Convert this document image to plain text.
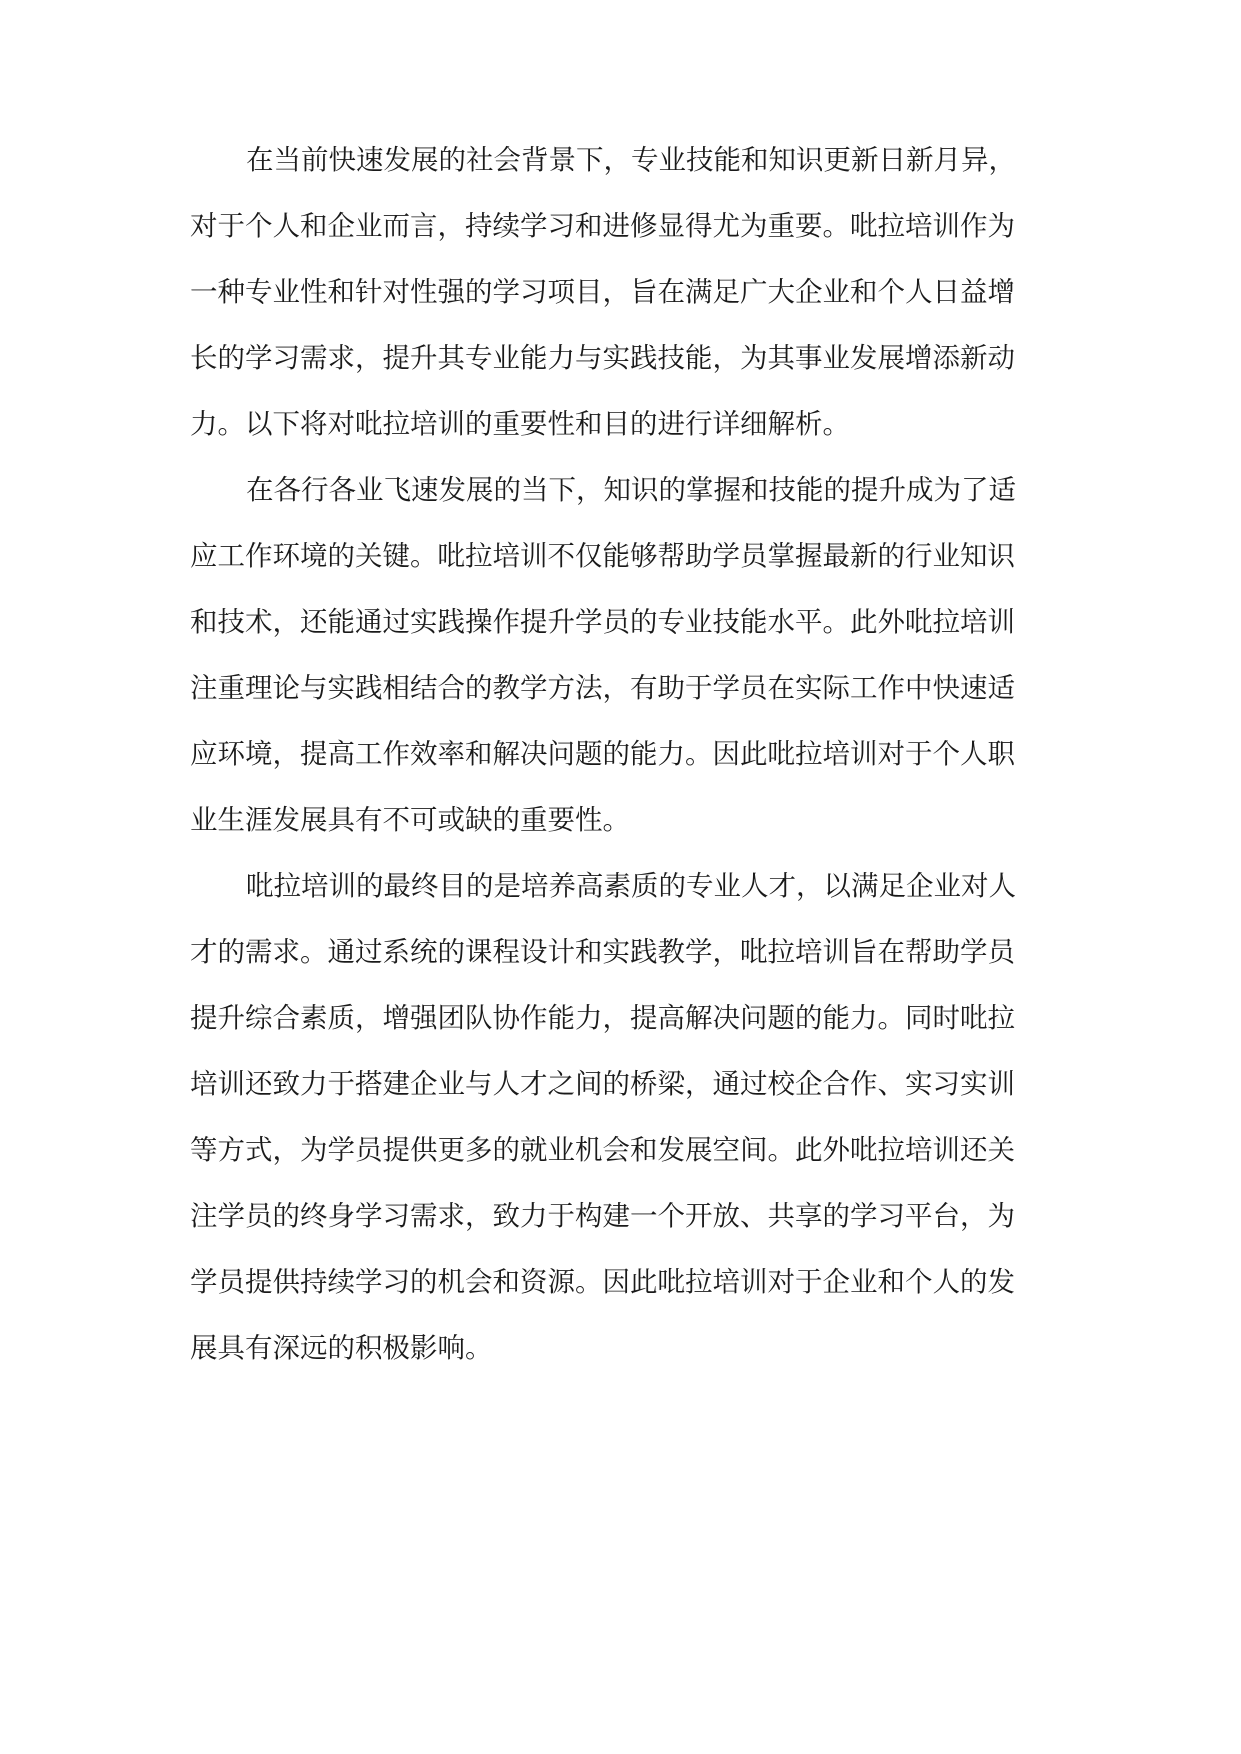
在当前快速发展的社会背景下，专业技能和知识更新日新月异，
对于个人和企业而言，持续学习和进修显得尤为重要。吡拉培训作为
一种专业性和针对性强的学习项目，旨在满足广大企业和个人日益增
长的学习需求，提升其专业能力与实践技能，为其事业发展增添新动
力。以下将对吡拉培训的重要性和目的进行详细解析。
在各行各业飞速发展的当下，知识的掌握和技能的提升成为了适
应工作环境的关键。吡拉培训不仅能够帮助学员掌握最新的行业知识
和技术，还能通过实践操作提升学员的专业技能水平。此外吡拉培训
注重理论与实践相结合的教学方法，有助于学员在实际工作中快速适
应环境，提高工作效率和解决问题的能力。因此吡拉培训对于个人职
业生涯发展具有不可或缺的重要性。
吡拉培训的最终目的是培养高素质的专业人才，以满足企业对人
才的需求。通过系统的课程设计和实践教学，吡拉培训旨在帮助学员
提升综合素质，增强团队协作能力，提高解决问题的能力。同时吡拉
培训还致力于搭建企业与人才之间的桥梁，通过校企合作、实习实训
等方式，为学员提供更多的就业机会和发展空间。此外吡拉培训还关
注学员的终身学习需求，致力于构建一个开放、共享的学习平台，为
学员提供持续学习的机会和资源。因此吡拉培训对于企业和个人的发
展具有深远的积极影响。
